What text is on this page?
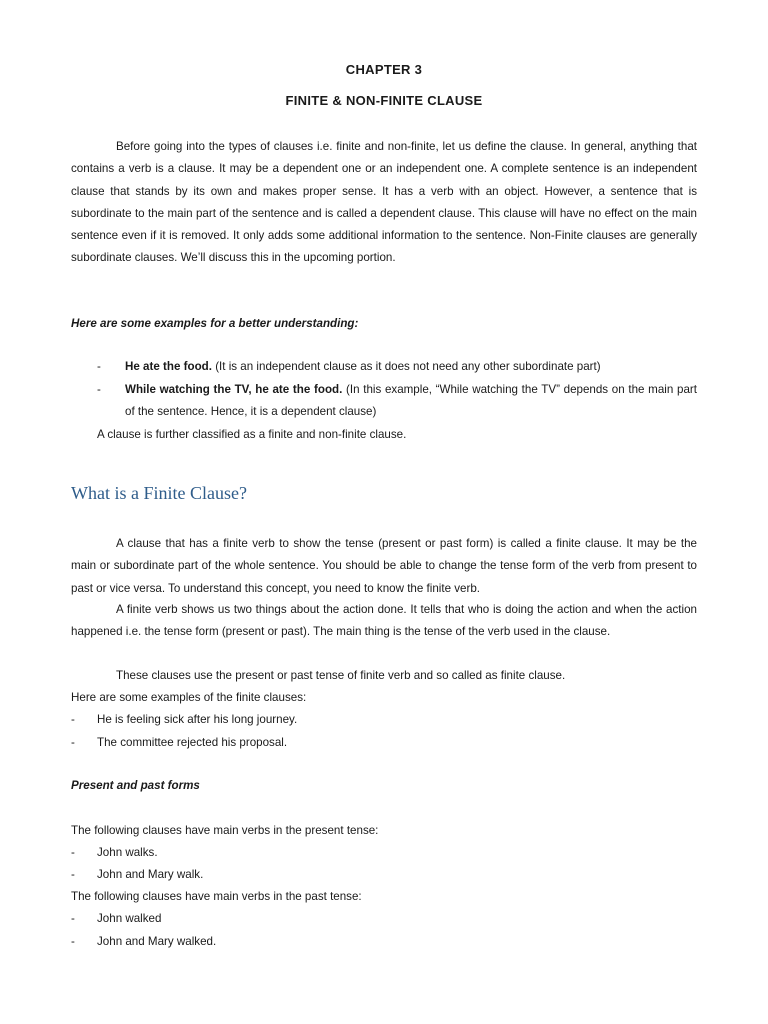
CHAPTER 3

FINITE & NON-FINITE CLAUSE

Before going into the types of clauses i.e. finite and non-finite, let us define the clause. In general, anything that contains a verb is a clause. It may be a dependent one or an independent one. A complete sentence is an independent clause that stands by its own and makes proper sense. It has a verb with an object. However, a sentence that is subordinate to the main part of the sentence and is called a dependent clause. This clause will have no effect on the main sentence even if it is removed. It only adds some additional information to the sentence. Non-Finite clauses are generally subordinate clauses. We’ll discuss this in the upcoming portion.

Here are some examples for a better understanding:

- He ate the food. (It is an independent clause as it does not need any other subordinate part)

- While watching the TV, he ate the food. (In this example, “While watching the TV” depends on the main part of the sentence. Hence, it is a dependent clause)

A clause is further classified as a finite and non-finite clause.

What is a Finite Clause?

A clause that has a finite verb to show the tense (present or past form) is called a finite clause. It may be the main or subordinate part of the whole sentence. You should be able to change the tense form of the verb from present to past or vice versa. To understand this concept, you need to know the finite verb.

A finite verb shows us two things about the action done. It tells that who is doing the action and when the action happened i.e. the tense form (present or past). The main thing is the tense of the verb used in the clause.

These clauses use the present or past tense of finite verb and so called as finite clause.

Here are some examples of the finite clauses:

- He is feeling sick after his long journey.

- The committee rejected his proposal.

Present and past forms

The following clauses have main verbs in the present tense:

- John walks.

- John and Mary walk.

The following clauses have main verbs in the past tense:

- John walked

- John and Mary walked.
